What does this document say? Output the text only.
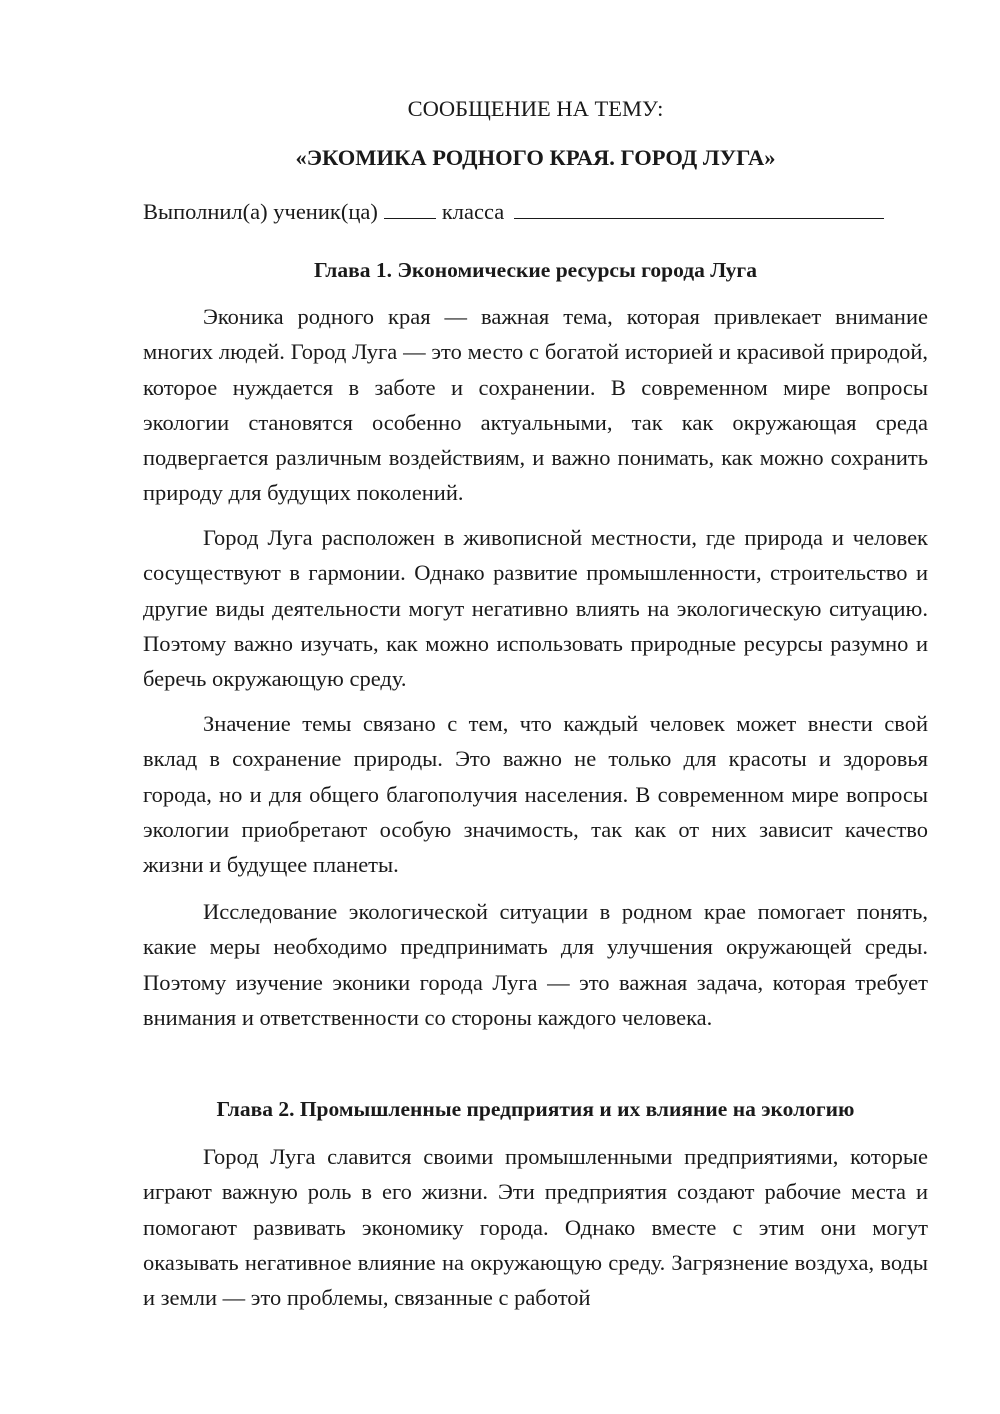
СООБЩЕНИЕ НА ТЕМУ:
«ЭКОМИКА РОДНОГО КРАЯ. ГОРОД ЛУГА»
Выполнил(а) ученик(ца)	класса
Глава 1. Экономические ресурсы города Луга

Эконика родного края — важная тема, которая привлекает внимание многих людей. Город Луга — это место с богатой историей и красивой природой, которое нуждается в заботе и сохранении. В современном мире вопросы экологии становятся особенно актуальными, так как окружающая среда подвергается различным воздействиям, и важно понимать, как можно сохранить природу для будущих поколений.

Город Луга расположен в живописной местности, где природа и человек сосуществуют в гармонии. Однако развитие промышленности, строительство и другие виды деятельности могут негативно влиять на экологическую ситуацию. Поэтому важно изучать, как можно использовать природные ресурсы разумно и беречь окружающую среду.

Значение темы связано с тем, что каждый человек может внести свой вклад в сохранение природы. Это важно не только для красоты и здоровья города, но и для общего благополучия населения. В современном мире вопросы экологии приобретают особую значимость, так как от них зависит качество жизни и будущее планеты.

Исследование экологической ситуации в родном крае помогает понять, какие меры необходимо предпринимать для улучшения окружающей среды. Поэтому изучение эконики города Луга — это важная задача, которая требует внимания и ответственности со стороны каждого человека.

Глава 2. Промышленные предприятия и их влияние на экологию

Город Луга славится своими промышленными предприятиями, которые играют важную роль в его жизни. Эти предприятия создают рабочие места и помогают развивать экономику города. Однако вместе с этим они могут оказывать негативное влияние на окружающую среду. Загрязнение воздуха, воды и земли — это проблемы, связанные с работой
